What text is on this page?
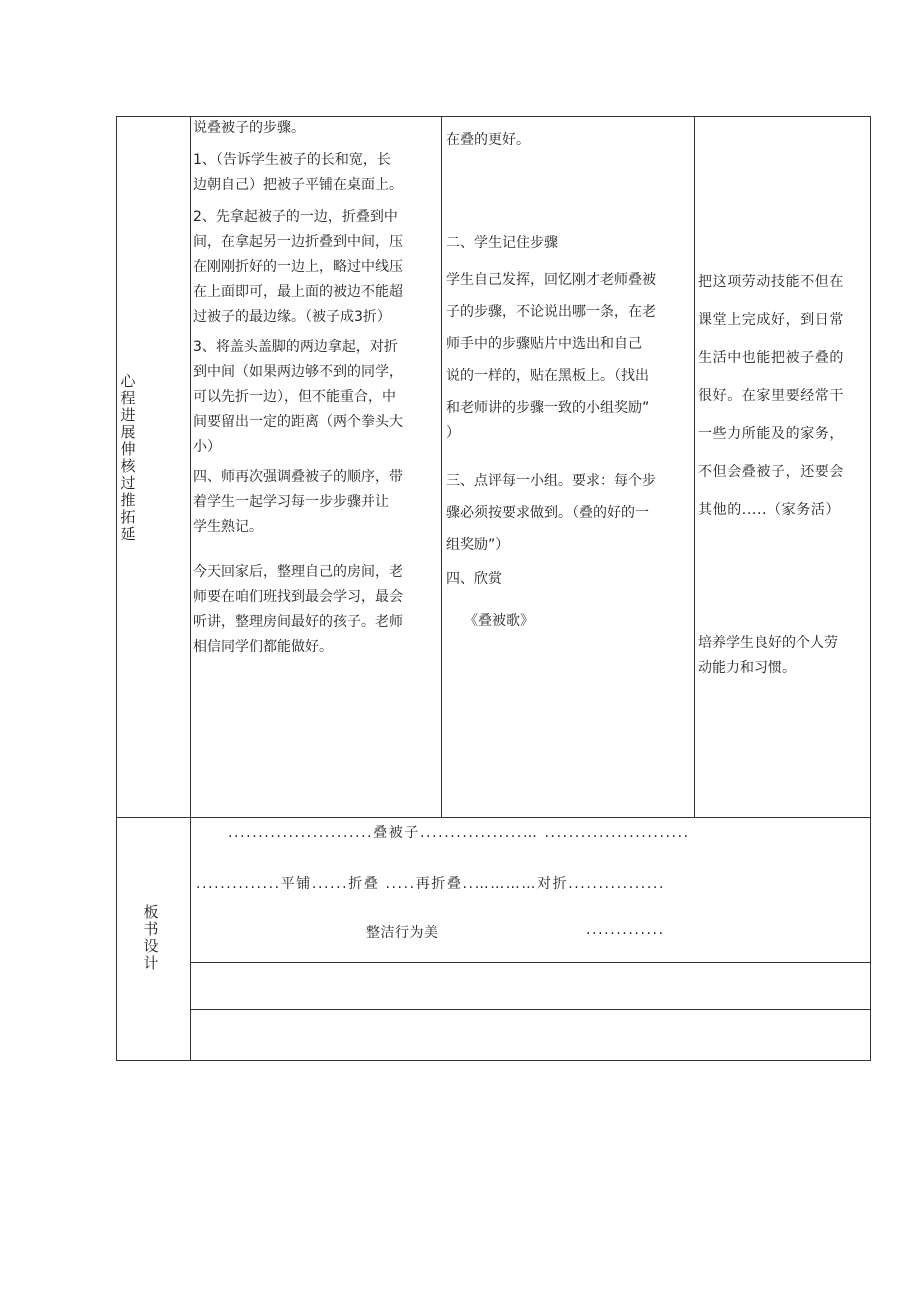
心程进展伸核过推拓延

说叠被子的步骤。

1、（告诉学生被子的长和宽，长

边朝自己）把被子平铺在桌面上。

2、先拿起被子的一边，折叠到中

间，在拿起另一边折叠到中间，压

在刚刚折好的一边上，略过中线压

在上面即可，最上面的被边不能超

过被子的最边缘。（被子成3折）

3、将盖头盖脚的两边拿起，对折

到中间（如果两边够不到的同学，

可以先折一边），但不能重合，中

间要留出一定的距离（两个拳头大

小）

四、师再次强调叠被子的顺序，带

着学生一起学习每一步步骤并让

学生熟记。

今天回家后，整理自己的房间，老

师要在咱们班找到最会学习，最会

听讲，整理房间最好的孩子。老师

相信同学们都能做好。

在叠的更好。

二、学生记住步骤

学生自己发挥，回忆刚才老师叠被

子的步骤，不论说出哪一条，在老

师手中的步骤贴片中选出和自己

说的一样的，贴在黑板上。（找出

和老师讲的步骤一致的小组奖励”

）

三、点评每一小组。要求：每个步

骤必须按要求做到。（叠的好的一

组奖励”）

四、欣赏

《叠被歌》

把这项劳动技能不但在

课堂上完成好，到日常

生活中也能把被子叠的

很好。在家里要经常干

一些力所能及的家务，

不但会叠被子，还要会

其他的.....（家务活）

培养学生良好的个人劳

动能力和习惯。

板书设计
........................叠被子.................… ........................
..............平铺......折叠 .....再折叠..…………对折................
整洁行为美	.............
